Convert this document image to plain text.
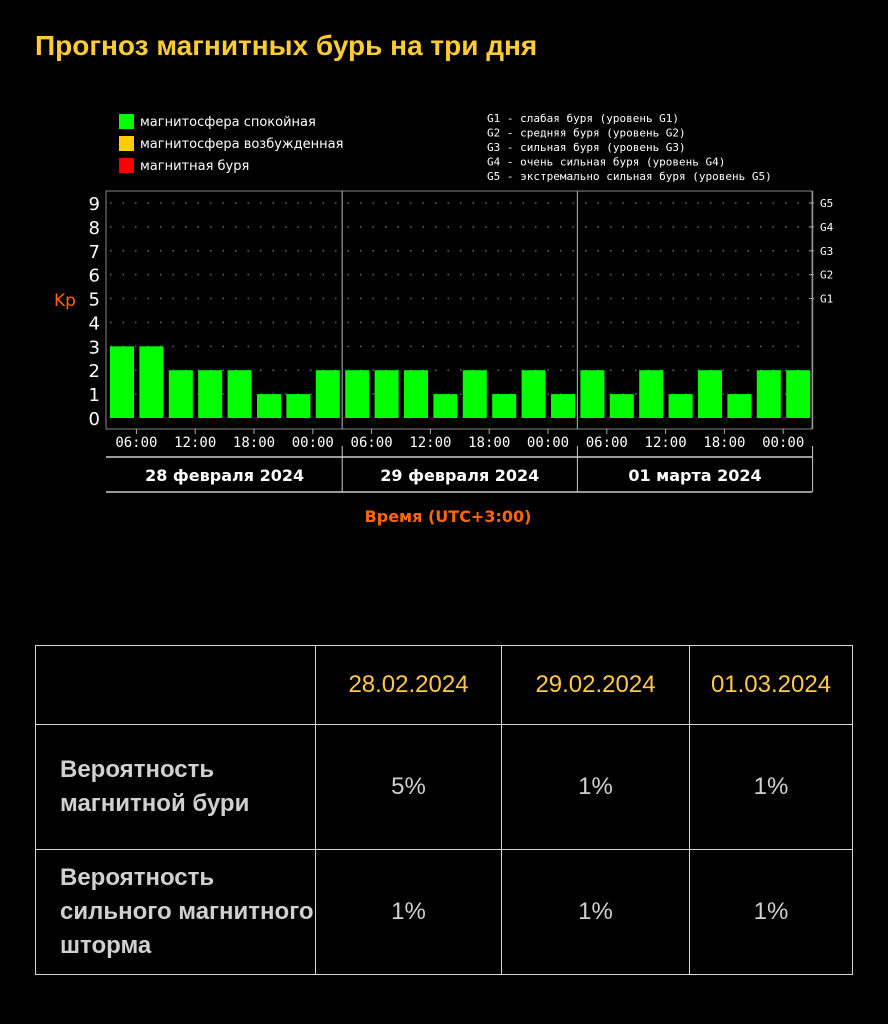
Прогноз магнитных бурь на три дня
магнитосфера спокойная
магнитосфера возбужденная
магнитная буря
G1 - слабая буря (уровень G1)
G2 - средняя буря (уровень G2)
G3 - сильная буря (уровень G3)
G4 - очень сильная буря (уровень G4)
G5 - экстремально сильная буря (уровень G5)
0
1
2
3
4
5
6
7
8
9
Kp	G1
G2
G3
G4
G5
06:00 12:00 18:00 00:00 06:00 12:00 18:00 00:00 06:00 12:00 18:00 00:00
28 февраля 2024	29 февраля 2024	01 марта 2024
Время (UTC+3:00)
	28.02.2024	29.02.2024	01.03.2024
Вероятность магнитной бури	5%	1%	1%
Вероятность сильного магнитного шторма	1%	1%	1%
